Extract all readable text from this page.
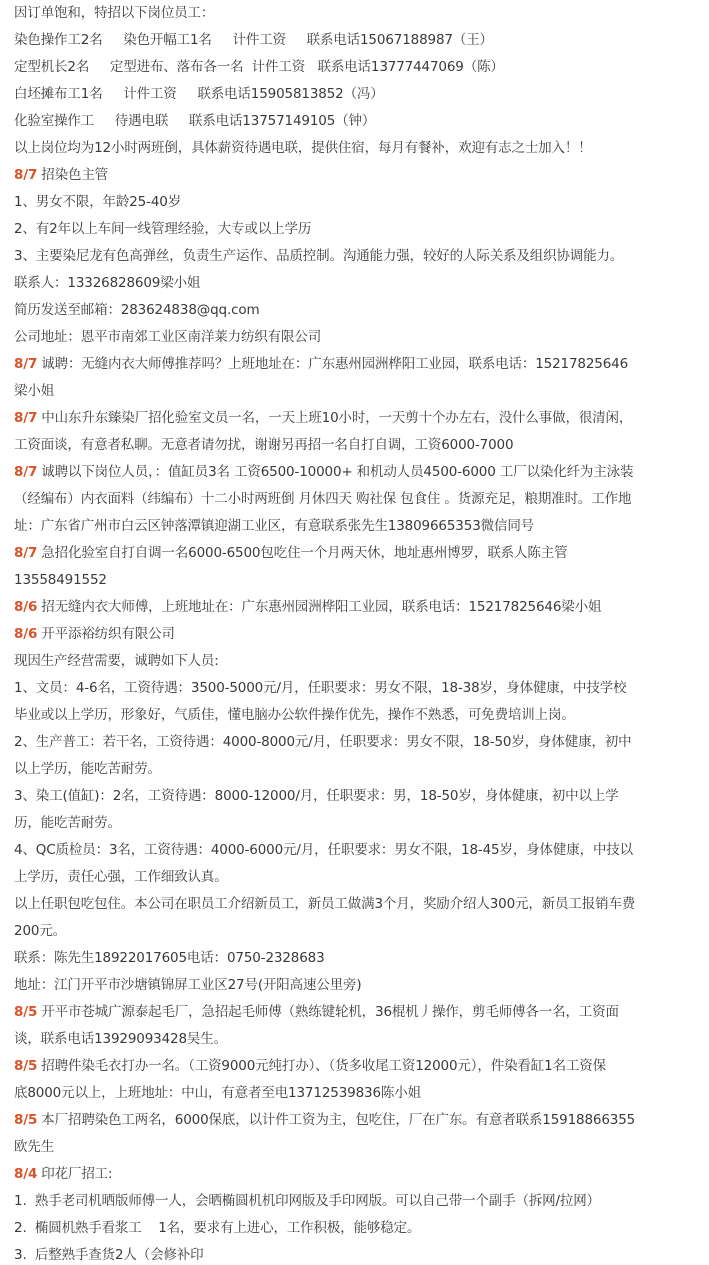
因订单饱和，特招以下岗位员工：
染色操作工2名     染色开幅工1名     计件工资     联系电话15067188987（王）
定型机长2名     定型进布、落布各一名  计件工资   联系电话13777447069（陈）
白坯摊布工1名     计件工资     联系电话15905813852（冯）
化验室操作工     待遇电联     联系电话13757149105（钟）
以上岗位均为12小时两班倒，具体薪资待遇电联，提供住宿，每月有餐补，欢迎有志之士加入！！
8/7 招染色主管
1、男女不限，年龄25-40岁
2、有2年以上车间一线管理经验，大专或以上学历
3、主要染尼龙有色高弹丝，负责生产运作、品质控制。沟通能力强，较好的人际关系及组织协调能力。
联系人：13326828609梁小姐
简历发送至邮箱：283624838@qq.com
公司地址：恩平市南郊工业区南洋莱力纺织有限公司
8/7 诚聘：无缝内衣大师傅推荐吗？上班地址在：广东惠州园洲桦阳工业园，联系电话：15217825646
梁小姐
8/7 中山东升东臻染厂招化验室文员一名，一天上班10小时，一天剪十个办左右，没什么事做，很清闲，
工资面谈，有意者私聊。无意者请勿扰，谢谢另再招一名自打自调，工资6000-7000
8/7 诚聘以下岗位人员，：值缸员3名 工资6500-10000+ 和机动人员4500-6000 工厂以染化纤为主泳装
（经编布）内衣面料（纬编布）十二小时两班倒 月休四天 购社保 包食住 。货源充足，粮期准时。工作地
址：广东省广州市白云区钟落潭镇迎湖工业区，有意联系张先生13809665353微信同号
8/7 急招化验室自打自调一名6000-6500包吃住一个月两天休，地址惠州博罗，联系人陈主管
13558491552
8/6 招无缝内衣大师傅，上班地址在：广东惠州园洲桦阳工业园，联系电话：15217825646梁小姐
8/6 开平添裕纺织有限公司
现因生产经营需要，诚聘如下人员:
1、文员：4-6名，工资待遇：3500-5000元/月，任职要求：男女不限，18-38岁，身体健康，中技学校
毕业或以上学历，形象好，气质佳，懂电脑办公软件操作优先，操作不熟悉，可免费培训上岗。
2、生产普工：若干名，工资待遇：4000-8000元/月，任职要求：男女不限，18-50岁，身体健康，初中
以上学历，能吃苦耐劳。
3、染工(值缸)：2名，工资待遇：8000-12000/月，任职要求：男，18-50岁，身体健康，初中以上学
历，能吃苦耐劳。
4、QC质检员：3名，工资待遇：4000-6000元/月，任职要求：男女不限，18-45岁，身体健康，中技以
上学历，责任心强，工作细致认真。
以上任职包吃包住。本公司在职员工介绍新员工，新员工做满3个月，奖励介绍人300元，新员工报销车费
200元。
联系：陈先生18922017605电话：0750-2328683
地址：江门开平市沙塘镇锦屏工业区27号(开阳高速公里旁)
8/5 开平市苍城广源泰起毛厂，急招起毛师傅（熟练键轮机，36棍机丿操作，剪毛师傅各一名，工资面
谈，联系电话13929093428吴生。
8/5 招聘件染毛衣打办一名。（工资9000元纯打办）、（货多收尾工资12000元），件染看缸1名工资保
底8000元以上，上班地址：中山，有意者至电13712539836陈小姐
8/5 本厂招聘染色工两名，6000保底，以计件工资为主，包吃住，厂在广东。有意者联系15918866355
欧先生
8/4 印花厂招工:
1.  熟手老司机晒版师傅一人，会晒椭圆机机印网版及手印网版。可以自己带一个副手（拆网/拉网）
2.  椭圆机熟手看浆工    1名，要求有上进心，工作积极，能够稳定。
3.  后整熟手查货2人（会修补印
